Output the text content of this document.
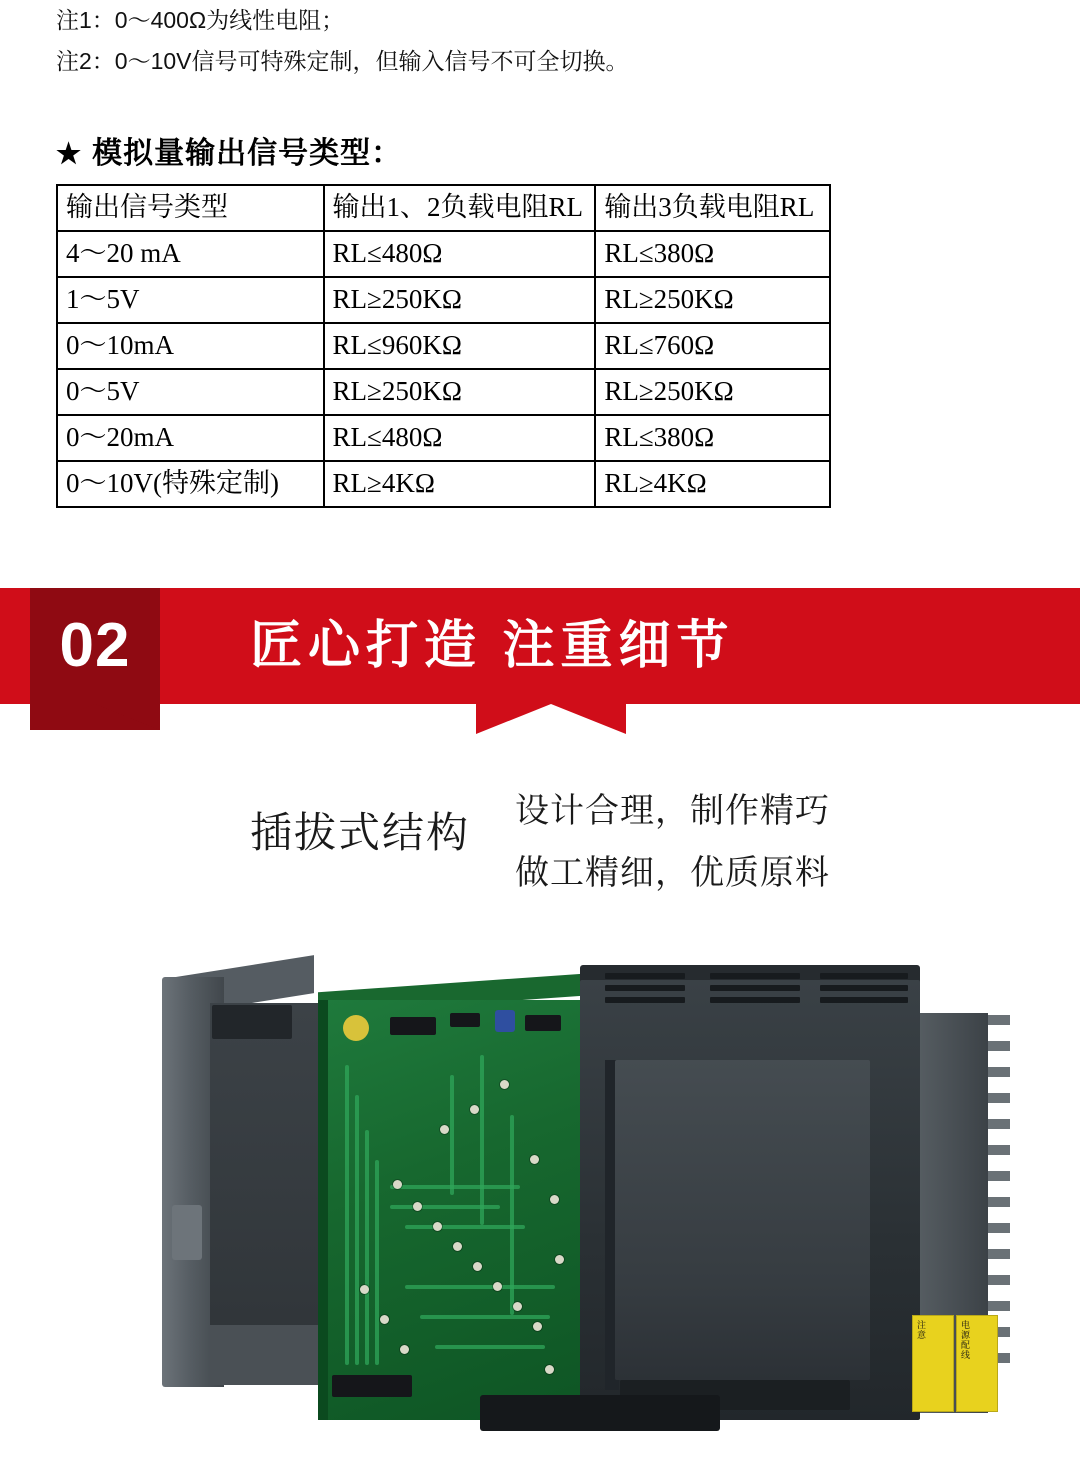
注1：0～400Ω为线性电阻；
注2：0～10V信号可特殊定制，但输入信号不可全切换。
★ 模拟量输出信号类型：
输出信号类型	输出1、2负载电阻RL	输出3负载电阻RL
4～20 mA	RL≤480Ω	RL≤380Ω
1～5V	RL≥250KΩ	RL≥250KΩ
0～10mA	RL≤960KΩ	RL≤760Ω
0～5V	RL≥250KΩ	RL≥250KΩ
0～20mA	RL≤480Ω	RL≤380Ω
0～10V(特殊定制)	RL≥4KΩ	RL≥4KΩ
02	匠心打造 注重细节
插拔式结构 设计合理，制作精巧
做工精细，优质原料
注意	电源配线
